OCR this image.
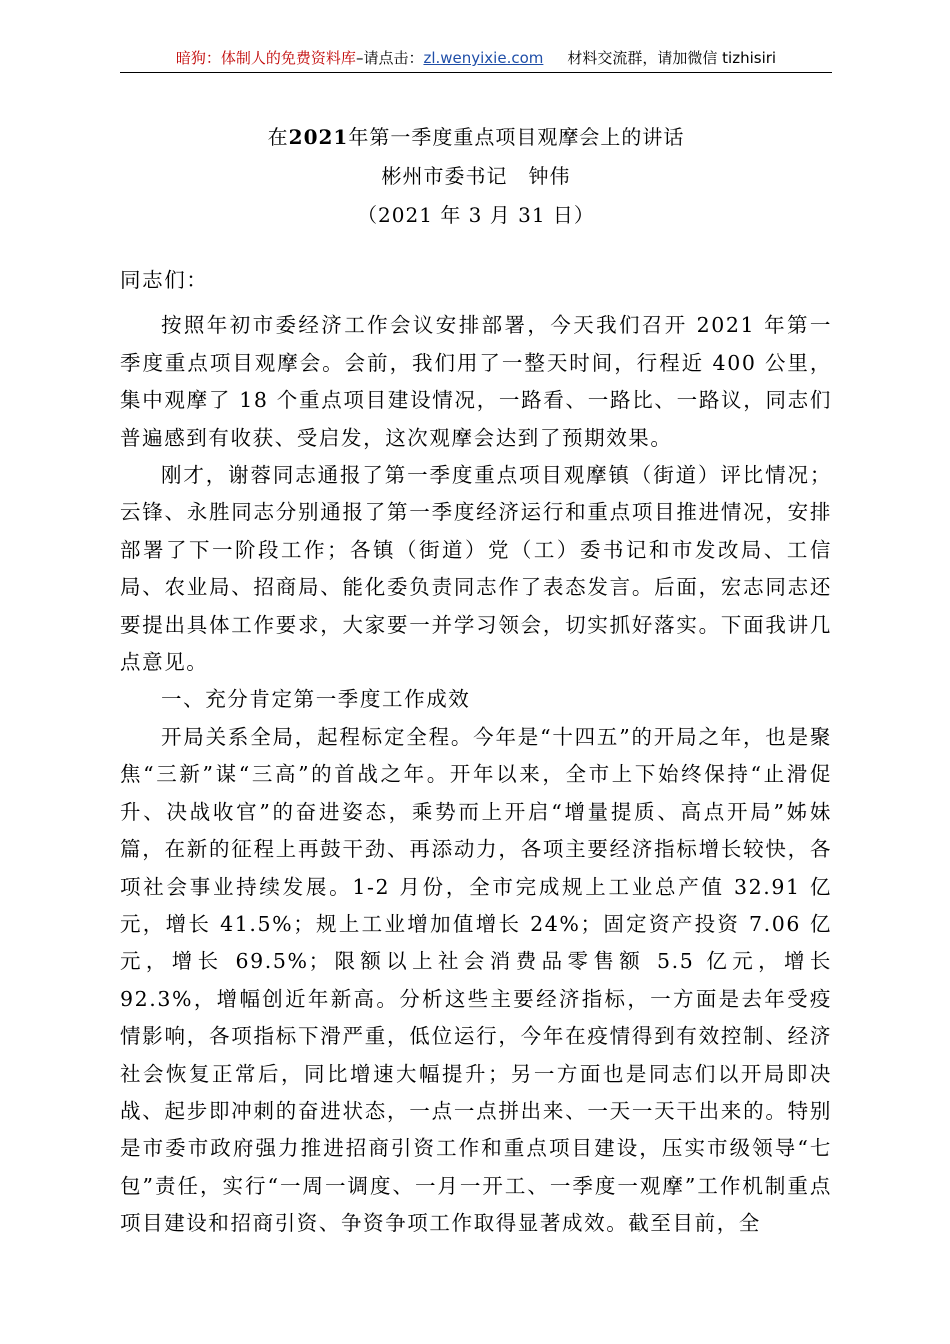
暗狗：体制人的免费资料库–请点击：zl.wenyixie.com 材料交流群，请加微信 tizhisiri
在2021年第一季度重点项目观摩会上的讲话
彬州市委书记　钟伟
（2021 年 3 月 31 日）

同志们：

按照年初市委经济工作会议安排部署，今天我们召开 2021 年第一季度重点项目观摩会。会前，我们用了一整天时间，行程近 400 公里，集中观摩了 18 个重点项目建设情况，一路看、一路比、一路议，同志们普遍感到有收获、受启发，这次观摩会达到了预期效果。

刚才，谢蓉同志通报了第一季度重点项目观摩镇（街道）评比情况；云锋、永胜同志分别通报了第一季度经济运行和重点项目推进情况，安排部署了下一阶段工作；各镇（街道）党（工）委书记和市发改局、工信局、农业局、招商局、能化委负责同志作了表态发言。后面，宏志同志还要提出具体工作要求，大家要一并学习领会，切实抓好落实。下面我讲几点意见。

一、充分肯定第一季度工作成效

开局关系全局，起程标定全程。今年是“十四五”的开局之年，也是聚焦“三新”谋“三高”的首战之年。开年以来，全市上下始终保持“止滑促升、决战收官”的奋进姿态，乘势而上开启“增量提质、高点开局”姊妹篇，在新的征程上再鼓干劲、再添动力，各项主要经济指标增长较快，各项社会事业持续发展。1-2 月份，全市完成规上工业总产值 32.91 亿元，增长 41.5%；规上工业增加值增长 24%；固定资产投资 7.06 亿元，增长 69.5%；限额以上社会消费品零售额 5.5 亿元，增长 92.3%，增幅创近年新高。分析这些主要经济指标，一方面是去年受疫情影响，各项指标下滑严重，低位运行，今年在疫情得到有效控制、经济社会恢复正常后，同比增速大幅提升；另一方面也是同志们以开局即决战、起步即冲刺的奋进状态，一点一点拼出来、一天一天干出来的。特别是市委市政府强力推进招商引资工作和重点项目建设，压实市级领导“七包”责任，实行“一周一调度、一月一开工、一季度一观摩”工作机制重点项目建设和招商引资、争资争项工作取得显著成效。截至目前，全
